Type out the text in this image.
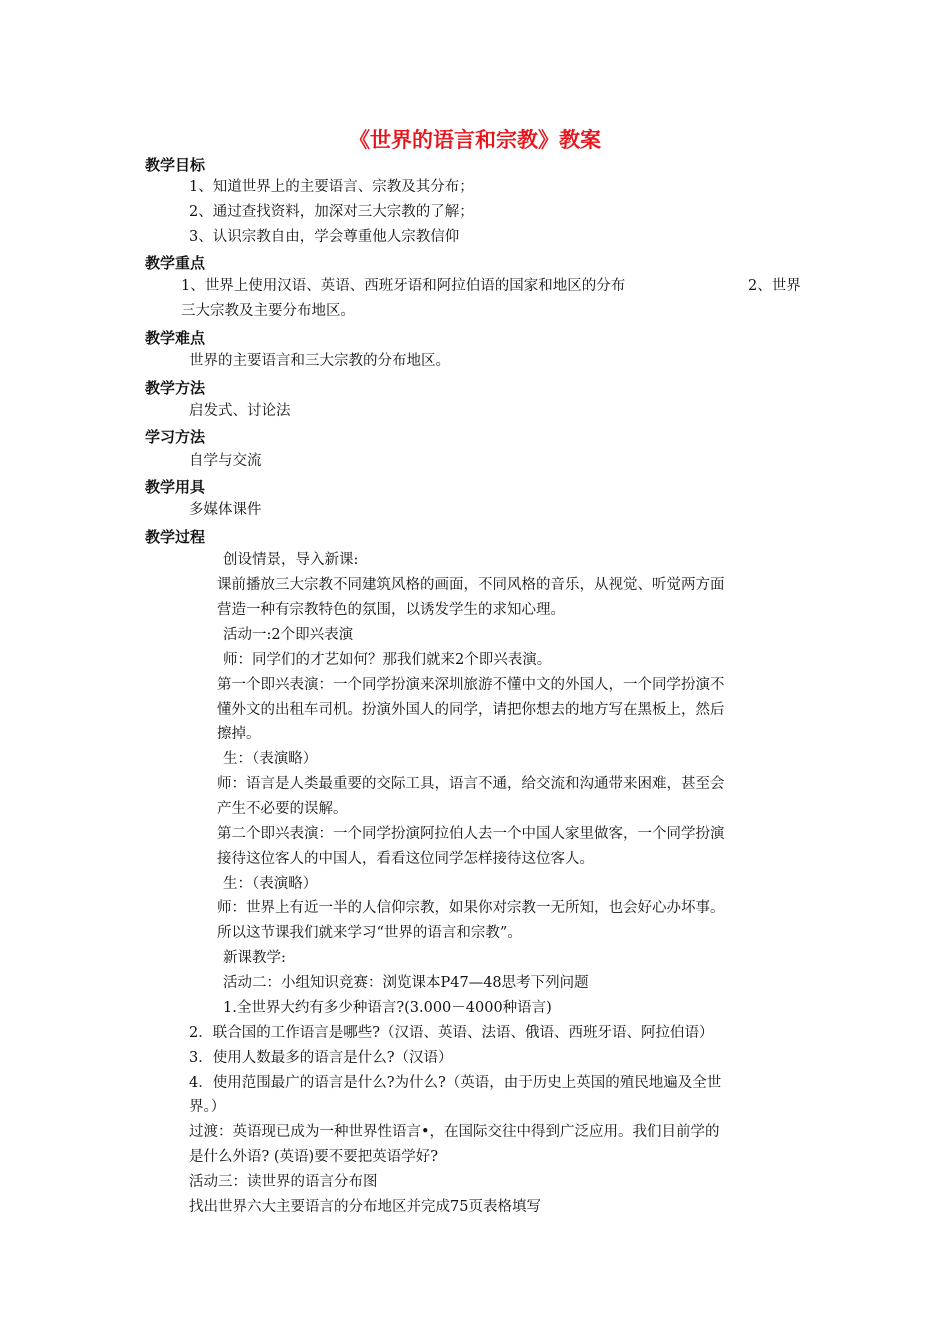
《世界的语言和宗教》教案
教学目标
1、知道世界上的主要语言、宗教及其分布；
2、通过查找资料，加深对三大宗教的了解；
3、认识宗教自由，学会尊重他人宗教信仰
教学重点
1、世界上使用汉语、英语、西班牙语和阿拉伯语的国家和地区的分布	2、世界
三大宗教及主要分布地区。
教学难点
世界的主要语言和三大宗教的分布地区。
教学方法
启发式、讨论法
学习方法
自学与交流
教学用具
多媒体课件
教学过程
创设情景，导入新课:
课前播放三大宗教不同建筑风格的画面，不同风格的音乐，从视觉、听觉两方面
营造一种有宗教特色的氛围，以诱发学生的求知心理。
活动一:2个即兴表演
师：同学们的才艺如何？那我们就来2个即兴表演。
第一个即兴表演：一个同学扮演来深圳旅游不懂中文的外国人，一个同学扮演不
懂外文的出租车司机。扮演外国人的同学，请把你想去的地方写在黑板上，然后
擦掉。
生：（表演略）
师：语言是人类最重要的交际工具，语言不通，给交流和沟通带来困难，甚至会
产生不必要的误解。
第二个即兴表演：一个同学扮演阿拉伯人去一个中国人家里做客，一个同学扮演
接待这位客人的中国人，看看这位同学怎样接待这位客人。
生：（表演略）
师：世界上有近一半的人信仰宗教，如果你对宗教一无所知，也会好心办坏事。
所以这节课我们就来学习“世界的语言和宗教”。
新课教学:
活动二：小组知识竞赛：浏览课本P47—48思考下列问题
1.全世界大约有多少种语言?(3.000－4000种语言)
2．联合国的工作语言是哪些?（汉语、英语、法语、俄语、西班牙语、阿拉伯语）
3．使用人数最多的语言是什么?（汉语）
4．使用范围最广的语言是什么?为什么?（英语，由于历史上英国的殖民地遍及全世
界。）
过渡：英语现已成为一种世界性语言•，在国际交往中得到广泛应用。我们目前学的
是什么外语? (英语)要不要把英语学好?
活动三：读世界的语言分布图
找出世界六大主要语言的分布地区并完成75页表格填写
